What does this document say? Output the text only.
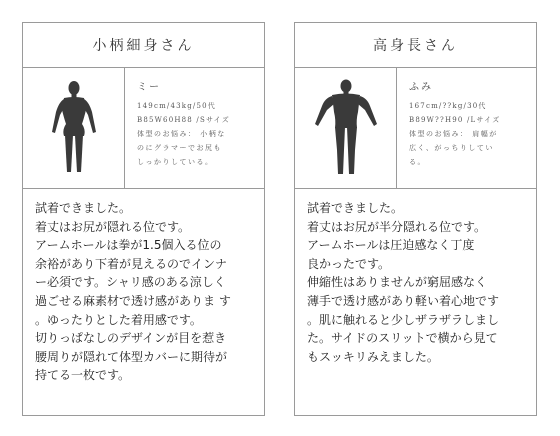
小柄細身さん
ミー
149cm/43kg/50代
B85W60H88 /Sサイズ
体型のお悩み： 小柄な
のにグラマーでお尻も
しっかりしている。
試着できました。
着丈はお尻が隠れる位です。
アームホールは拳が1.5個入る位の
余裕があり下着が見えるのでインナ
ー必須です。シャリ感のある涼しく
過ごせる麻素材で透け感がありま す
。ゆったりとした着用感です。
切りっぱなしのデザインが目を惹き
腰周りが隠れて体型カバーに期待が
持てる一枚です。
高身長さん
ふみ
167cm/??kg/30代
B89W??H90 /Lサイズ
体型のお悩み： 肩幅が
広く、がっちりしてい
る。
試着できました。
着丈はお尻が半分隠れる位です。
アームホールは圧迫感なく丁度
良かったです。
伸縮性はありませんが窮屈感なく
薄手で透け感があり軽い着心地です
。肌に触れると少しザラザラしまし
た。サイドのスリットで横から見て
もスッキリみえました。
